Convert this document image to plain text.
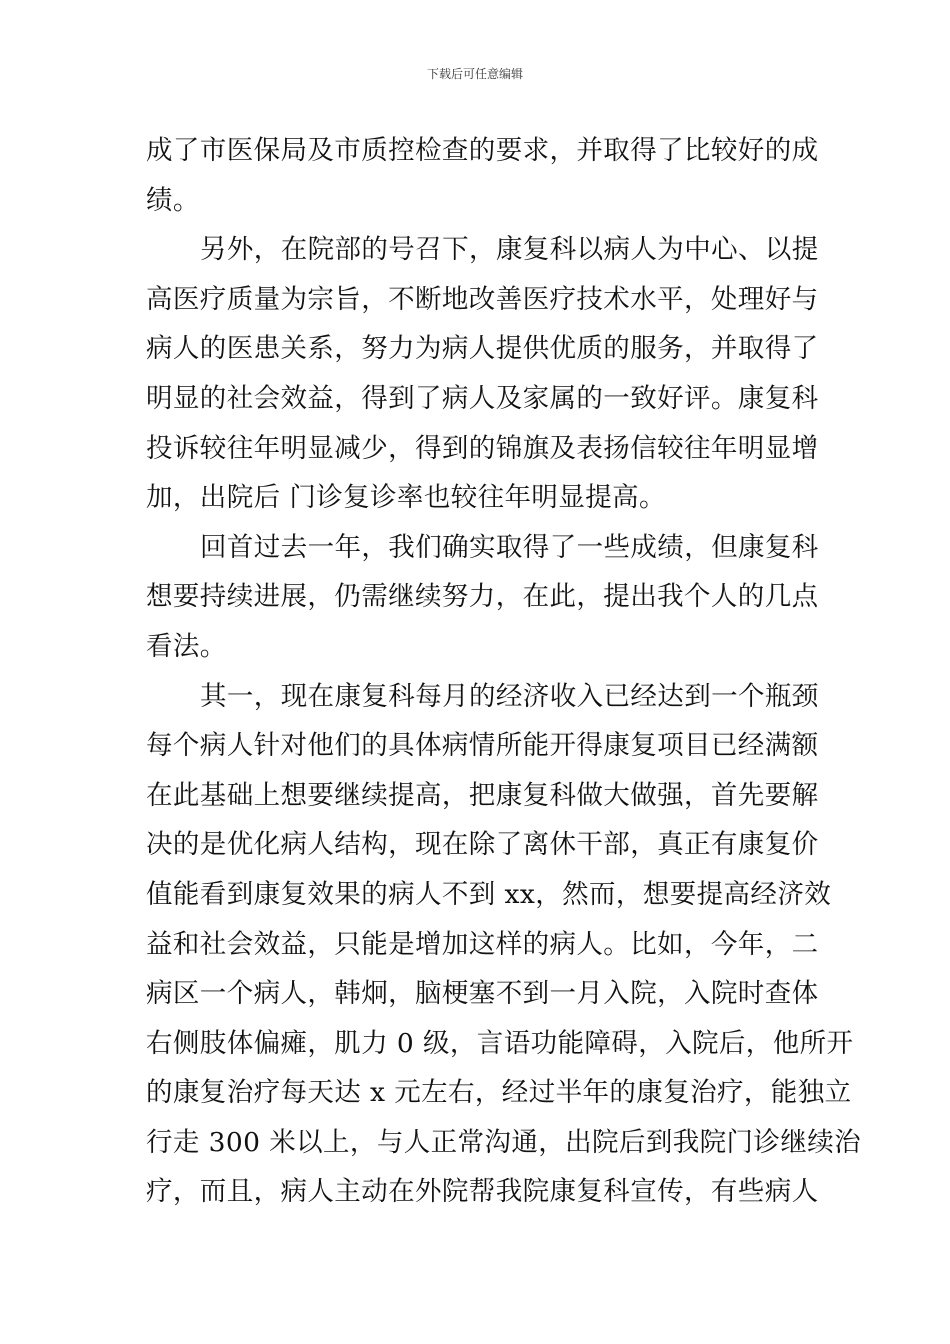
下载后可任意编辑
成了市医保局及市质控检查的要求，并取得了比较好的成
绩。
另外，在院部的号召下，康复科以病人为中心、以提
高医疗质量为宗旨，不断地改善医疗技术水平，处理好与
病人的医患关系，努力为病人提供优质的服务，并取得了
明显的社会效益，得到了病人及家属的一致好评。康复科
投诉较往年明显减少，得到的锦旗及表扬信较往年明显增
加，出院后 门诊复诊率也较往年明显提高。
回首过去一年，我们确实取得了一些成绩，但康复科
想要持续进展，仍需继续努力，在此，提出我个人的几点
看法。
其一，现在康复科每月的经济收入已经达到一个瓶颈
每个病人针对他们的具体病情所能开得康复项目已经满额
在此基础上想要继续提高，把康复科做大做强，首先要解
决的是优化病人结构，现在除了离休干部，真正有康复价
值能看到康复效果的病人不到 xx，然而，想要提高经济效
益和社会效益，只能是增加这样的病人。比如，今年，二
病区一个病人，韩炯，脑梗塞不到一月入院，入院时查体
右侧肢体偏瘫，肌力 0 级，言语功能障碍，入院后，他所开
的康复治疗每天达 x 元左右，经过半年的康复治疗，能独立
行走 300 米以上，与人正常沟通，出院后到我院门诊继续治
疗，而且，病人主动在外院帮我院康复科宣传，有些病人
